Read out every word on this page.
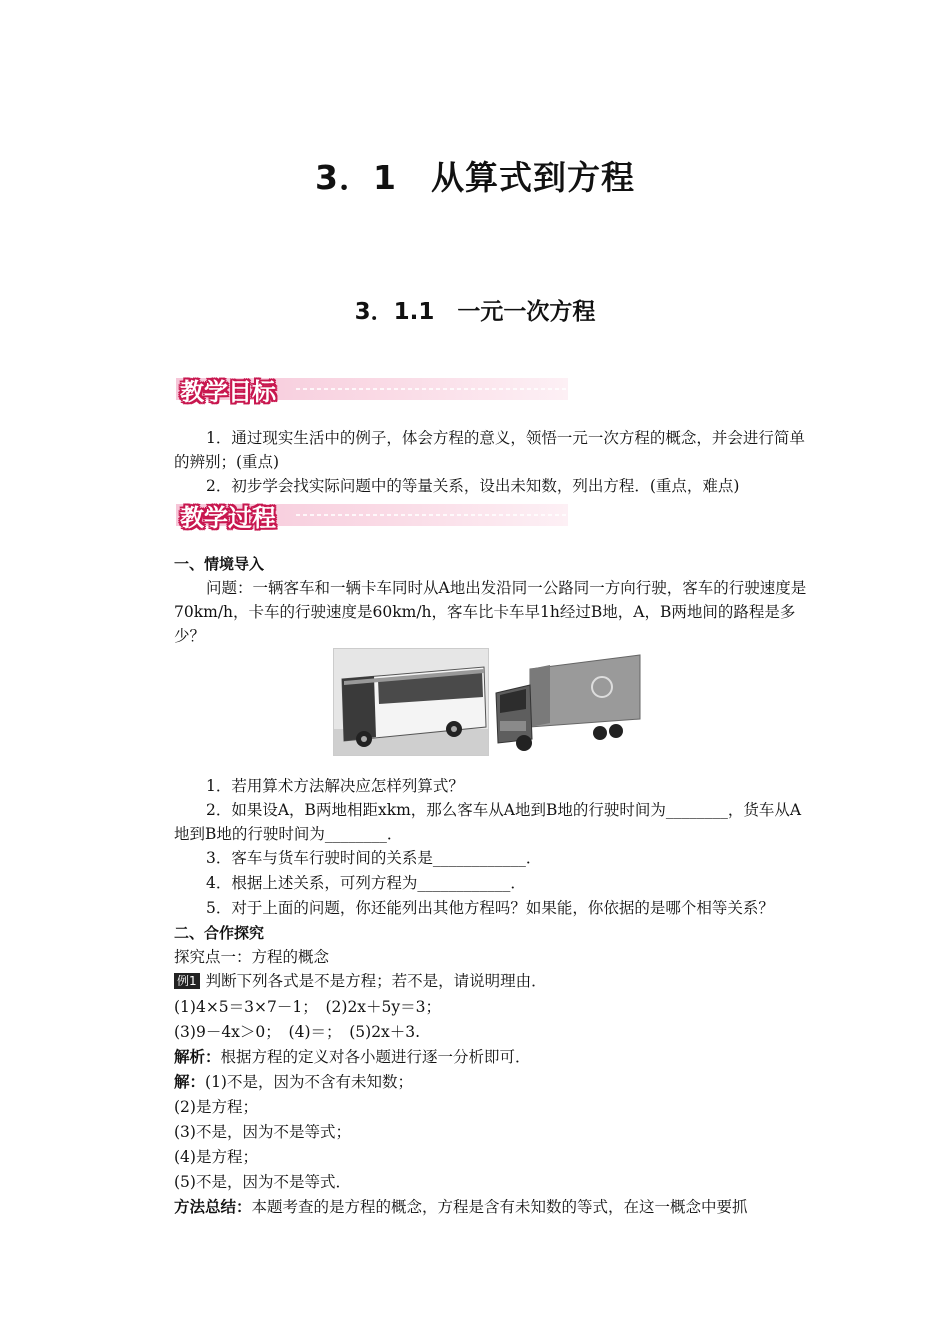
3．1　从算式到方程
3．1.1　一元一次方程
教学目标
1．通过现实生活中的例子，体会方程的意义，领悟一元一次方程的概念，并会进行简单的辨别；(重点)
2．初步学会找实际问题中的等量关系，设出未知数，列出方程．(重点，难点)
教学过程
一、情境导入
问题：一辆客车和一辆卡车同时从A地出发沿同一公路同一方向行驶，客车的行驶速度是70km/h，卡车的行驶速度是60km/h，客车比卡车早1h经过B地，A，B两地间的路程是多少？
1．若用算术方法解决应怎样列算式？
2．如果设A，B两地相距xkm，那么客车从A地到B地的行驶时间为________，货车从A地到B地的行驶时间为________．
3．客车与货车行驶时间的关系是____________．
4．根据上述关系，可列方程为____________．
5．对于上面的问题，你还能列出其他方程吗？如果能，你依据的是哪个相等关系？
二、合作探究
探究点一：方程的概念
例1 判断下列各式是不是方程；若不是，请说明理由．
(1)4×5＝3×7－1；　(2)2x＋5y＝3；
(3)9－4x＞0；　(4)＝；　(5)2x＋3.
解析：根据方程的定义对各小题进行逐一分析即可．
解：(1)不是，因为不含有未知数；
(2)是方程；
(3)不是，因为不是等式；
(4)是方程；
(5)不是，因为不是等式．
方法总结：本题考查的是方程的概念，方程是含有未知数的等式，在这一概念中要抓
